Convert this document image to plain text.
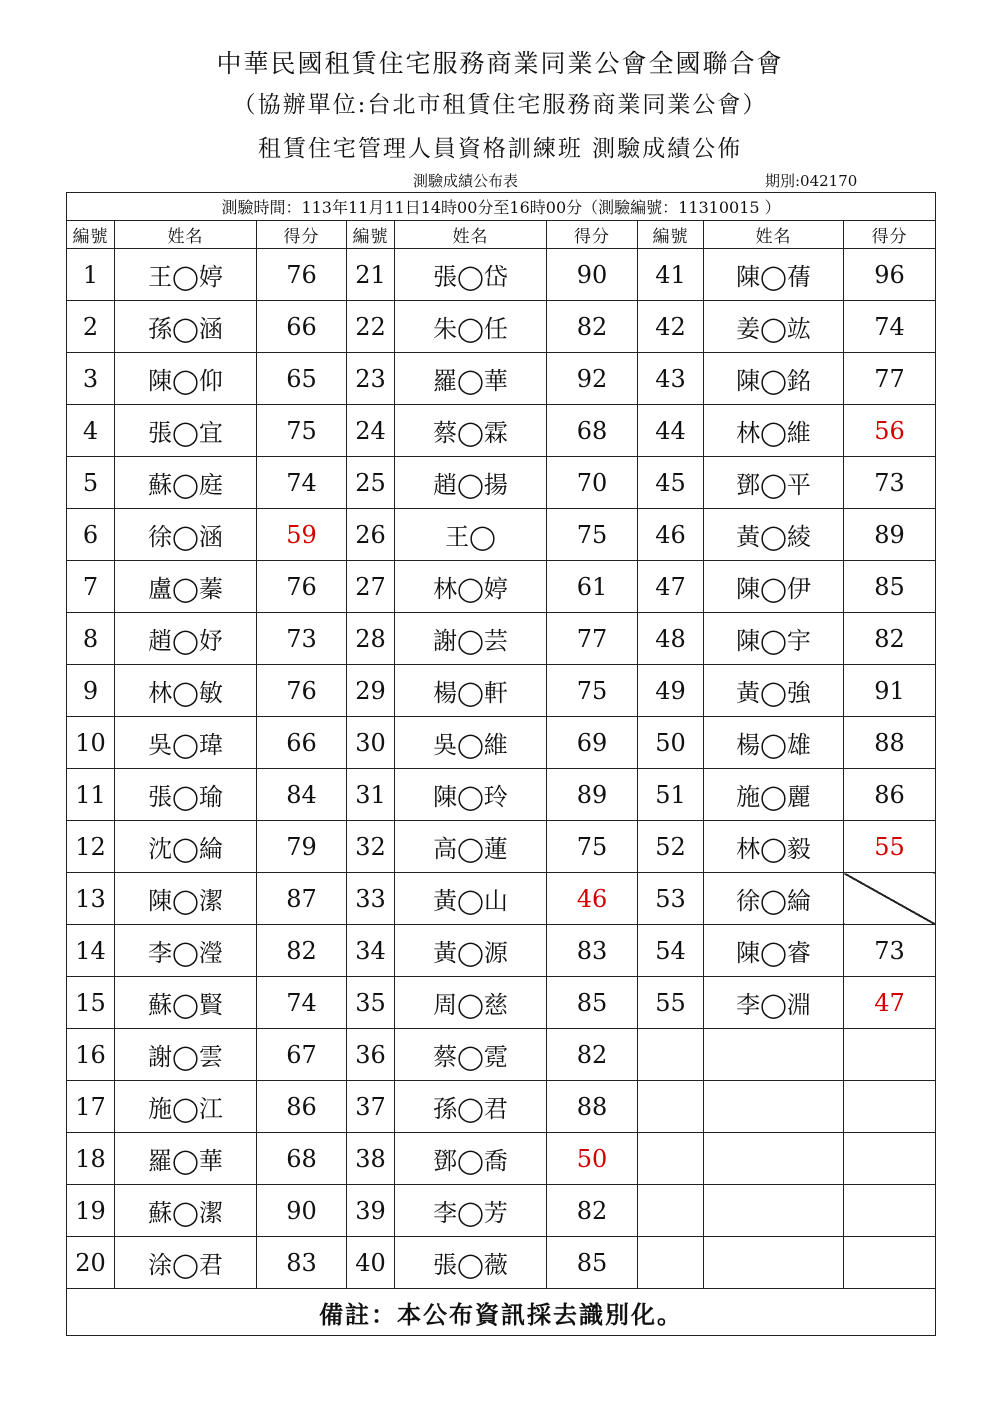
中華民國租賃住宅服務商業同業公會全國聯合會
（協辦單位:台北市租賃住宅服務商業同業公會）
租賃住宅管理人員資格訓練班 測驗成績公佈
測驗成績公布表	期別:042170
測驗時間：113年11月11日14時00分至16時00分（測驗編號：11310015 ）								
編號	姓名	得分	編號	姓名	得分	編號	姓名	得分
1	王◯婷	76	21	張◯岱	90	41	陳◯蒨	96
2	孫◯涵	66	22	朱◯任	82	42	姜◯竑	74
3	陳◯仰	65	23	羅◯華	92	43	陳◯銘	77
4	張◯宜	75	24	蔡◯霖	68	44	林◯維	56
5	蘇◯庭	74	25	趙◯揚	70	45	鄧◯平	73
6	徐◯涵	59	26	王◯	75	46	黃◯綾	89
7	盧◯蓁	76	27	林◯婷	61	47	陳◯伊	85
8	趙◯妤	73	28	謝◯芸	77	48	陳◯宇	82
9	林◯敏	76	29	楊◯軒	75	49	黃◯強	91
10	吳◯瑋	66	30	吳◯維	69	50	楊◯雄	88
11	張◯瑜	84	31	陳◯玲	89	51	施◯麗	86
12	沈◯綸	79	32	高◯蓮	75	52	林◯毅	55
13	陳◯潔	87	33	黃◯山	46	53	徐◯綸	
14	李◯瀅	82	34	黃◯源	83	54	陳◯睿	73
15	蘇◯賢	74	35	周◯慈	85	55	李◯淵	47
16	謝◯雲	67	36	蔡◯霓	82			
17	施◯江	86	37	孫◯君	88			
18	羅◯華	68	38	鄧◯喬	50			
19	蘇◯潔	90	39	李◯芳	82			
20	涂◯君	83	40	張◯薇	85			
備註：本公布資訊採去識別化。								
